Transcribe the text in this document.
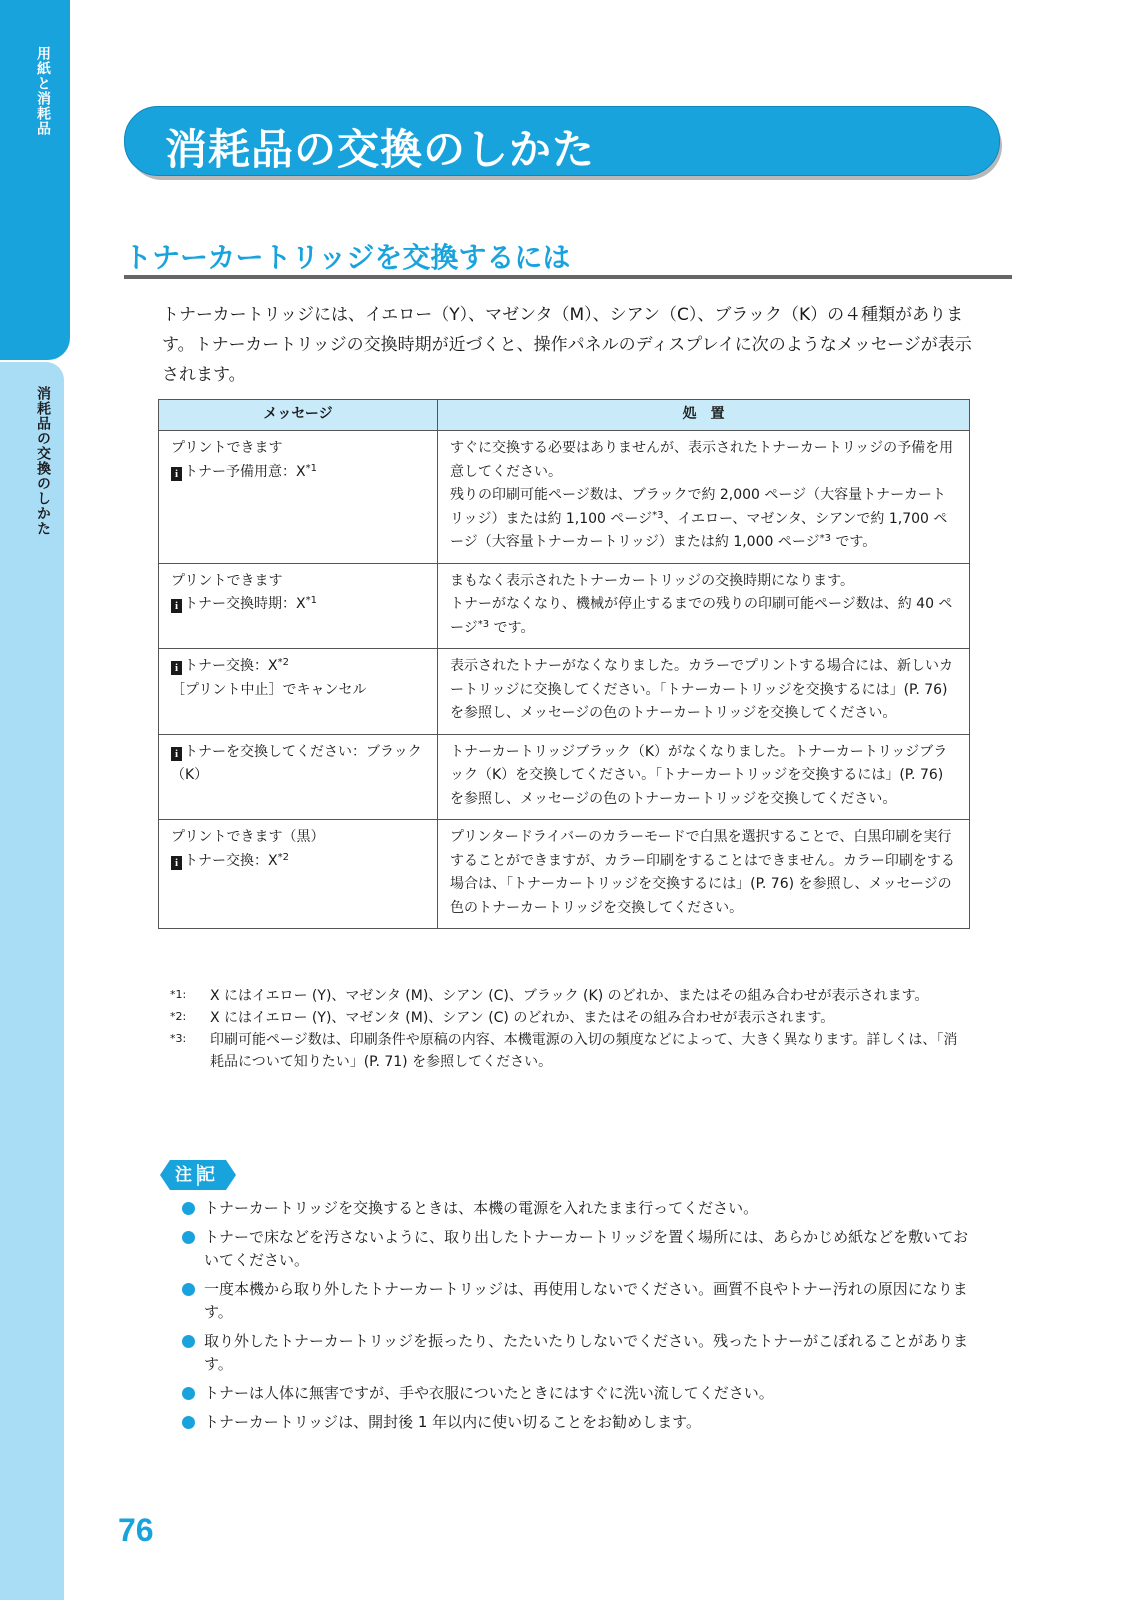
用紙と消耗品
消耗品の交換のしかた
消耗品の交換のしかた
トナーカートリッジを交換するには
トナーカートリッジには、イエロー（Y）、マゼンタ（M）、シアン（C）、ブラック（K）の４種類があります。トナーカートリッジの交換時期が近づくと、操作パネルのディスプレイに次のようなメッセージが表示されます。
メッセージ	処　置

プリントできます
i トナー予備用意：$X^{*1}$	すぐに交換する必要はありませんが、表示されたトナーカートリッジの予備を用意してください。
残りの印刷可能ページ数は、ブラックで約 2,000 ページ（大容量トナーカートリッジ）または約 1,100 ページ$^{*3}$、イエロー、マゼンタ、シアンで約 1,700 ページ（大容量トナーカートリッジ）または約 1,000 ページ$^{*3}$ です。

プリントできます
i トナー交換時期：$X^{*1}$	まもなく表示されたトナーカートリッジの交換時期になります。
トナーがなくなり、機械が停止するまでの残りの印刷可能ページ数は、約 40 ページ$^{*3}$ です。

i トナー交換：$X^{*2}$
［プリント中止］でキャンセル	表示されたトナーがなくなりました。カラーでプリントする場合には、新しいカートリッジに交換してください。「トナーカートリッジを交換するには」(P. 76) を参照し、メッセージの色のトナーカートリッジを交換してください。

i トナーを交換してください：ブラック（K）	トナーカートリッジブラック（K）がなくなりました。トナーカートリッジブラック（K）を交換してください。「トナーカートリッジを交換するには」(P. 76) を参照し、メッセージの色のトナーカートリッジを交換してください。

プリントできます（黒）
i トナー交換：$X^{*2}$	プリンタードライバーのカラーモードで白黒を選択することで、白黒印刷を実行することができますが、カラー印刷をすることはできません。カラー印刷をする場合は、「トナーカートリッジを交換するには」(P. 76) を参照し、メッセージの色のトナーカートリッジを交換してください。
*1:	X にはイエロー (Y)、マゼンタ (M)、シアン (C)、ブラック (K) のどれか、またはその組み合わせが表示されます。
*2:	X にはイエロー (Y)、マゼンタ (M)、シアン (C) のどれか、またはその組み合わせが表示されます。
*3:	印刷可能ページ数は、印刷条件や原稿の内容、本機電源の入切の頻度などによって、大きく異なります。詳しくは、「消耗品について知りたい」(P. 71) を参照してください。
注記
トナーカートリッジを交換するときは、本機の電源を入れたまま行ってください。
トナーで床などを汚さないように、取り出したトナーカートリッジを置く場所には、あらかじめ紙などを敷いておいてください。
一度本機から取り外したトナーカートリッジは、再使用しないでください。画質不良やトナー汚れの原因になります。
取り外したトナーカートリッジを振ったり、たたいたりしないでください。残ったトナーがこぼれることがあります。
トナーは人体に無害ですが、手や衣服についたときにはすぐに洗い流してください。
トナーカートリッジは、開封後 1 年以内に使い切ることをお勧めします。
76
